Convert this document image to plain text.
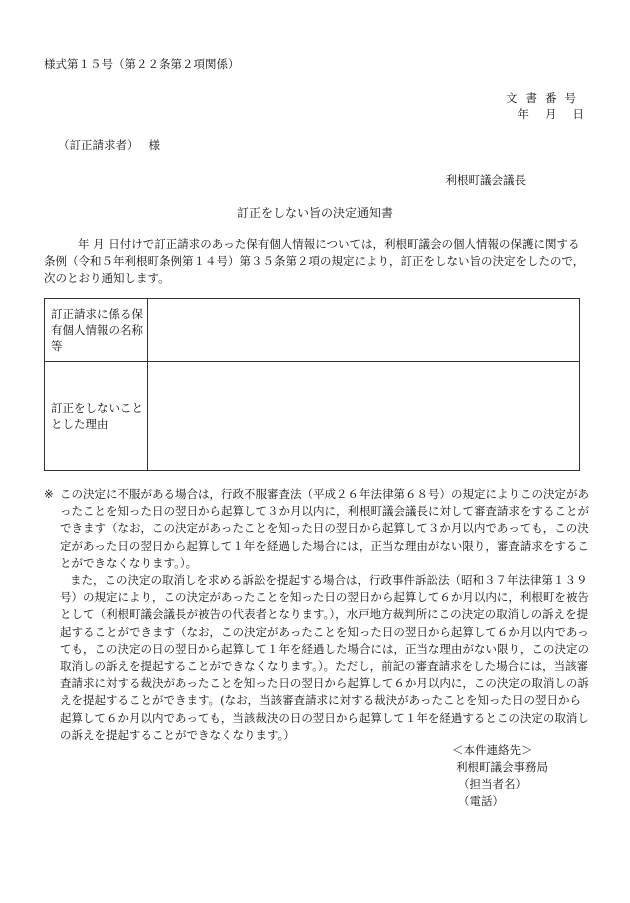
様式第１５号（第２２条第２項関係）
文書番号
年 月 日
（訂正請求者） 様
利根町議会議長
訂正をしない旨の決定通知書
年 月 日付けで訂正請求のあった保有個人情報については，利根町議会の個人情報の保護に関する条例（令和５年利根町条例第１４号）第３５条第２項の規定により，訂正をしない旨の決定をしたので，次のとおり通知します。
訂正請求に係る保有個人情報の名称等	
訂正をしないこととした理由	
※ この決定に不服がある場合は，行政不服審査法（平成２６年法律第６８号）の規定によりこの決定があったことを知った日の翌日から起算して３か月以内に，利根町議会議長に対して審査請求をすることができます（なお，この決定があったことを知った日の翌日から起算して３か月以内であっても，この決定があった日の翌日から起算して１年を経過した場合には，正当な理由がない限り，審査請求をすることができなくなります。）。
また，この決定の取消しを求める訴訟を提起する場合は，行政事件訴訟法（昭和３７年法律第１３９号）の規定により，この決定があったことを知った日の翌日から起算して６か月以内に，利根町を被告として（利根町議会議長が被告の代表者となります。），水戸地方裁判所にこの決定の取消しの訴えを提起することができます（なお，この決定があったことを知った日の翌日から起算して６か月以内であっても，この決定の日の翌日から起算して１年を経過した場合には，正当な理由がない限り，この決定の取消しの訴えを提起することができなくなります。）。ただし，前記の審査請求をした場合には，当該審査請求に対する裁決があったことを知った日の翌日から起算して６か月以内に，この決定の取消しの訴えを提起することができます。(なお，当該審査請求に対する裁決があったことを知った日の翌日から起算して６か月以内であっても，当該裁決の日の翌日から起算して１年を経過するとこの決定の取消しの訴えを提起することができなくなります。）
＜本件連絡先＞
利根町議会事務局
（担当者名）
（電話）
